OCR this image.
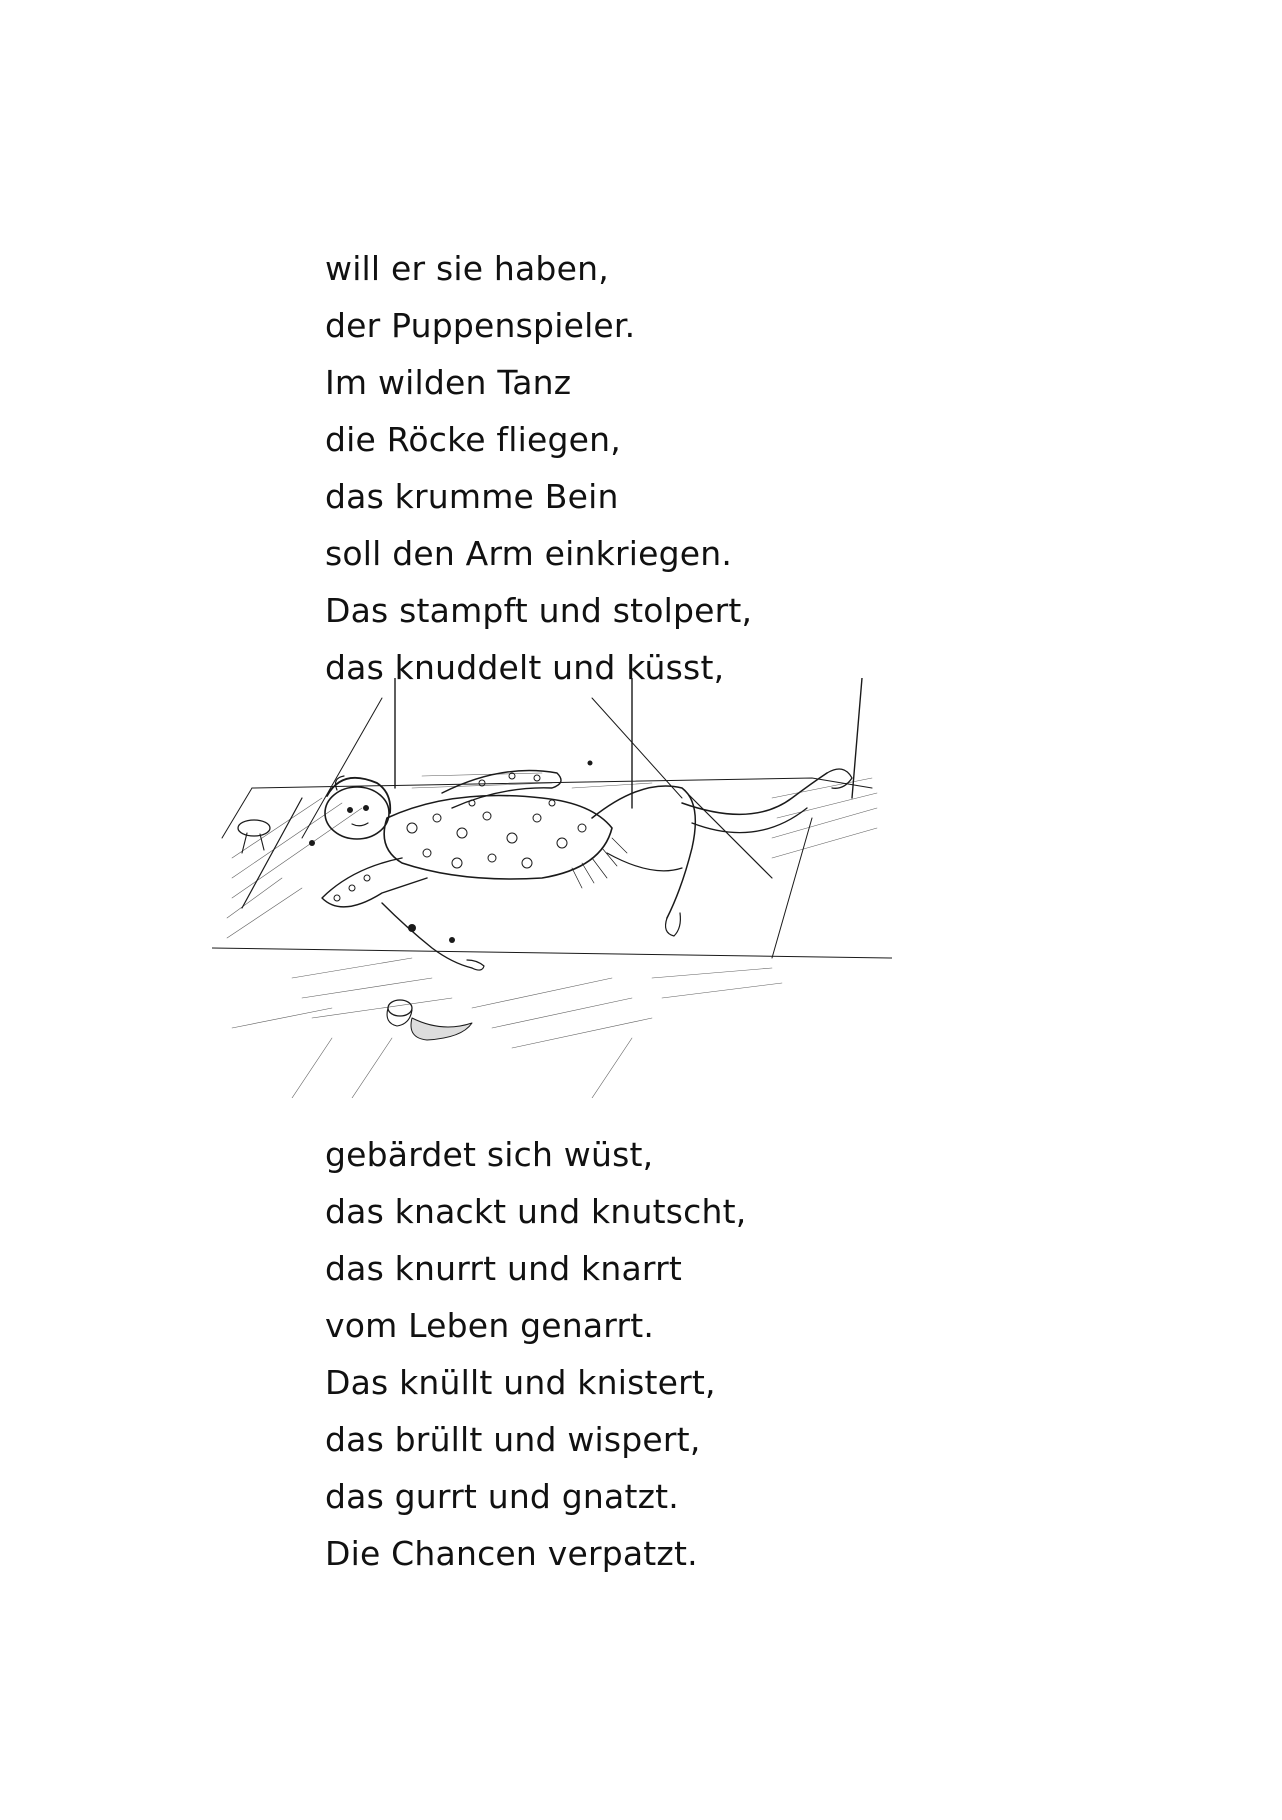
will er sie haben,
der Puppenspieler.
Im wilden Tanz
die Röcke fliegen,
das krumme Bein
soll den Arm einkriegen.
Das stampft und stolpert,
das knuddelt und küsst,
gebärdet sich wüst,
das knackt und knutscht,
das knurrt und knarrt
vom Leben genarrt.
Das knüllt und knistert,
das brüllt und wispert,
das gurrt und gnatzt.
Die Chancen verpatzt.
